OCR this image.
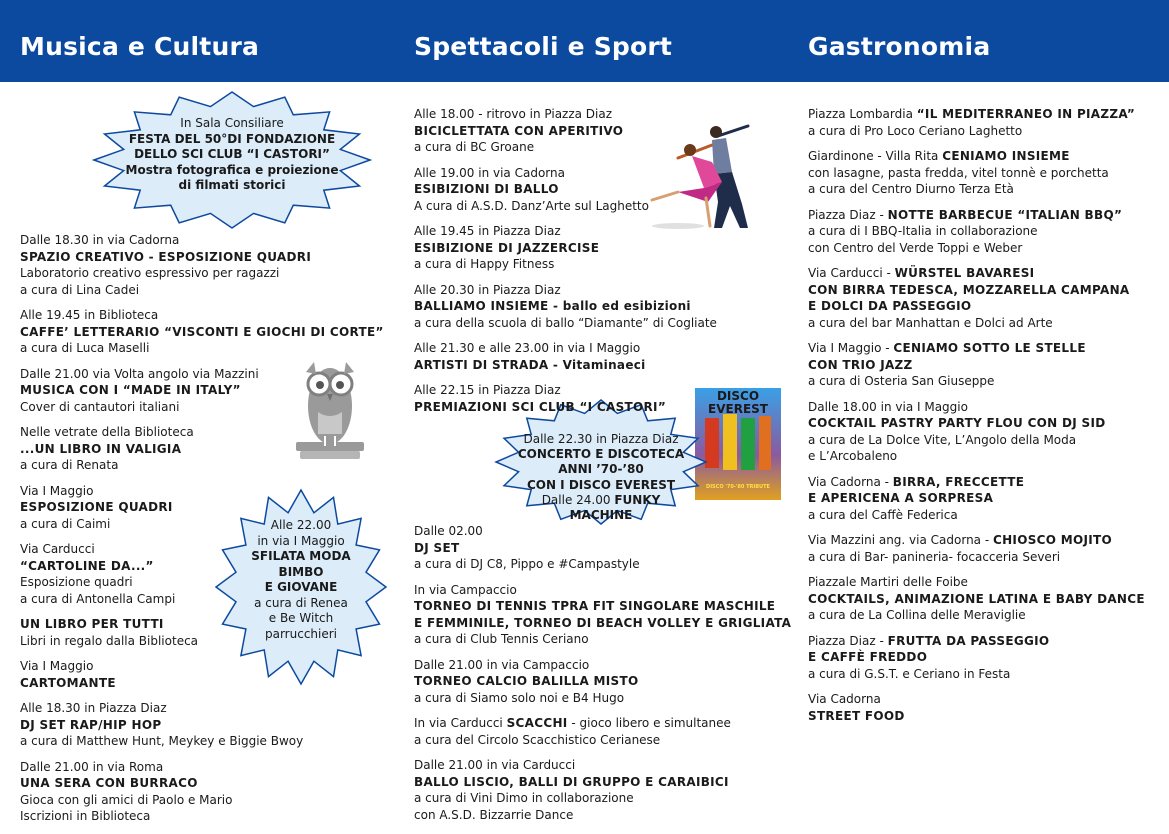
Musica e Cultura	Spettacoli e Sport	Gastronomia
In Sala Consiliare
FESTA DEL 50°DI FONDAZIONE
DELLO SCI CLUB “I CASTORI”
Mostra fotografica e proiezione
di filmati storici
Alle 22.00
in via I Maggio
SFILATA MODA
BIMBO
E GIOVANE
a cura di Renea
e Be Witch
parrucchieri
DISCO EVEREST
DISCO '70-'80 TRIBUTE
Dalle 22.30 in Piazza Diaz
CONCERTO E DISCOTECA
ANNI ’70-’80
CON I DISCO EVEREST
Dalle 24.00 FUNKY MACHINE
Dalle 18.30 in via Cadorna
SPAZIO CREATIVO - ESPOSIZIONE QUADRI
Laboratorio creativo espressivo per ragazzi
a cura di Lina Cadei
Alle 19.45 in Biblioteca
CAFFE’ LETTERARIO “VISCONTI E GIOCHI DI CORTE”
a cura di Luca Maselli
Dalle 21.00 via Volta angolo via Mazzini
MUSICA CON I “MADE IN ITALY”
Cover di cantautori italiani
Nelle vetrate della Biblioteca
...UN LIBRO IN VALIGIA
a cura di Renata
Via I Maggio
ESPOSIZIONE QUADRI
a cura di Caimi
Via Carducci
“CARTOLINE DA...”
Esposizione quadri
a cura di Antonella Campi
UN LIBRO PER TUTTI
Libri in regalo dalla Biblioteca
Via I Maggio
CARTOMANTE
Alle 18.30 in Piazza Diaz
DJ SET RAP/HIP HOP
a cura di Matthew Hunt, Meykey e Biggie Bwoy
Dalle 21.00 in via Roma
UNA SERA CON BURRACO
Gioca con gli amici di Paolo e Mario
Iscrizioni in Biblioteca
Alle 18.00 - ritrovo in Piazza Diaz
BICICLETTATA CON APERITIVO
a cura di BC Groane
Alle 19.00 in via Cadorna
ESIBIZIONI DI BALLO
A cura di A.S.D. Danz’Arte sul Laghetto
Alle 19.45 in Piazza Diaz
ESIBIZIONE DI JAZZERCISE
a cura di Happy Fitness
Alle 20.30 in Piazza Diaz
BALLIAMO INSIEME - ballo ed esibizioni
a cura della scuola di ballo “Diamante” di Cogliate
Alle 21.30 e alle 23.00 in via I Maggio
ARTISTI DI STRADA - Vitaminaeci
Alle 22.15 in Piazza Diaz
PREMIAZIONI SCI CLUB “I CASTORI”
Dalle 02.00
DJ SET
a cura di DJ C8, Pippo e #Campastyle
In via Campaccio
TORNEO DI TENNIS TPRA FIT SINGOLARE MASCHILE
E FEMMINILE, TORNEO DI BEACH VOLLEY E GRIGLIATA
a cura di Club Tennis Ceriano
Dalle 21.00 in via Campaccio
TORNEO CALCIO BALILLA MISTO
a cura di Siamo solo noi e B4 Hugo
In via Carducci SCACCHI - gioco libero e simultanee
a cura del Circolo Scacchistico Cerianese
Dalle 21.00 in via Carducci
BALLO LISCIO, BALLI DI GRUPPO E CARAIBICI
a cura di Vini Dimo in collaborazione
con A.S.D. Bizzarrie Dance
Piazza Lombardia “IL MEDITERRANEO IN PIAZZA”
a cura di Pro Loco Ceriano Laghetto
Giardinone - Villa Rita CENIAMO INSIEME
con lasagne, pasta fredda, vitel tonnè e porchetta
a cura del Centro Diurno Terza Età
Piazza Diaz - NOTTE BARBECUE “ITALIAN BBQ”
a cura di I BBQ-Italia in collaborazione
con Centro del Verde Toppi e Weber
Via Carducci - WÜRSTEL BAVARESI
CON BIRRA TEDESCA, MOZZARELLA CAMPANA
E DOLCI DA PASSEGGIO
a cura del bar Manhattan e Dolci ad Arte
Via I Maggio - CENIAMO SOTTO LE STELLE
CON TRIO JAZZ
a cura di Osteria San Giuseppe
Dalle 18.00 in via I Maggio
COCKTAIL PASTRY PARTY FLOU CON DJ SID
a cura de La Dolce Vite, L’Angolo della Moda
e L’Arcobaleno
Via Cadorna - BIRRA, FRECCETTE
E APERICENA A SORPRESA
a cura del Caffè Federica
Via Mazzini ang. via Cadorna - CHIOSCO MOJITO
a cura di Bar- panineria- focacceria Severi
Piazzale Martiri delle Foibe
COCKTAILS, ANIMAZIONE LATINA E BABY DANCE
a cura de La Collina delle Meraviglie
Piazza Diaz - FRUTTA DA PASSEGGIO
E CAFFÈ FREDDO
a cura di G.S.T. e Ceriano in Festa
Via Cadorna
STREET FOOD
